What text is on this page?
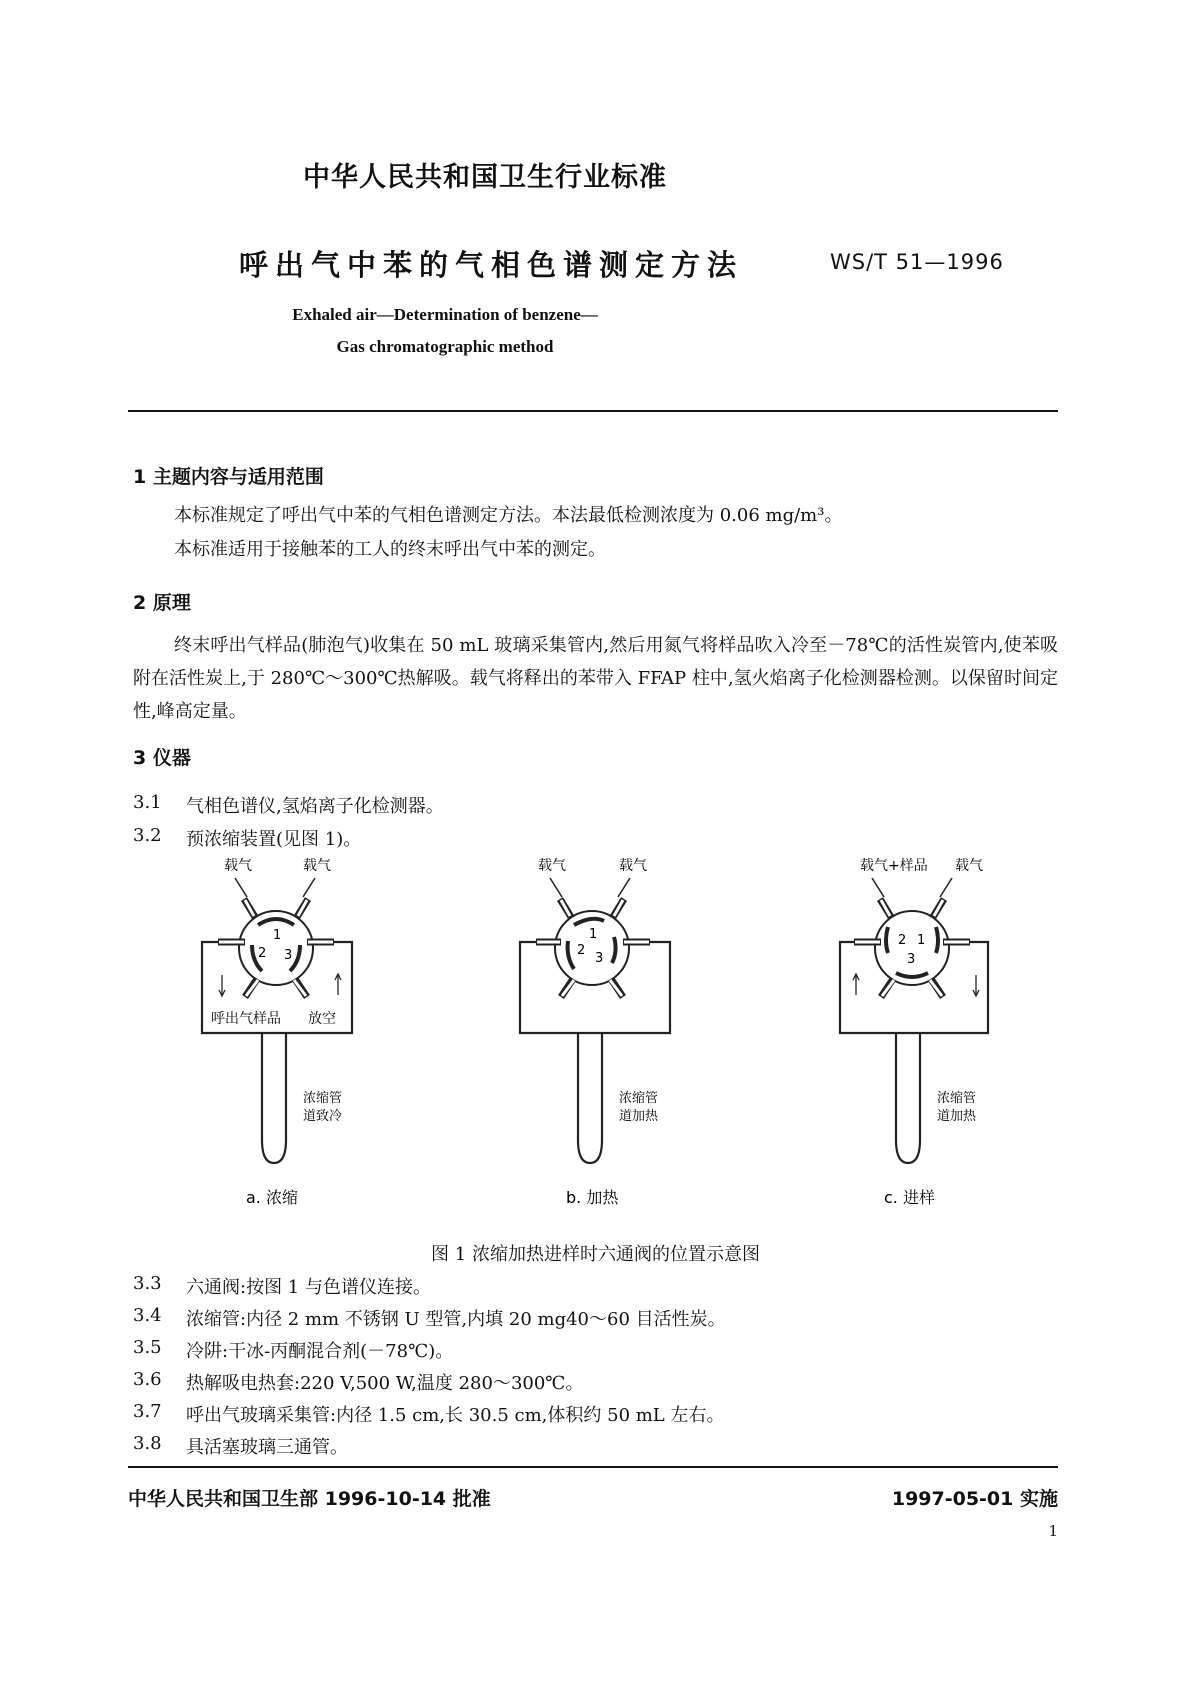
中华人民共和国卫生行业标准
呼出气中苯的气相色谱测定方法	WS/T 51—1996
Exhaled air—Determination of benzene—
Gas chromatographic method
1 主题内容与适用范围
本标准规定了呼出气中苯的气相色谱测定方法。本法最低检测浓度为 0.06 mg/m³。
本标准适用于接触苯的工人的终末呼出气中苯的测定。
2 原理
终末呼出气样品(肺泡气)收集在 50 mL 玻璃采集管内,然后用氮气将样品吹入冷至－78℃的活性炭管内,使苯吸附在活性炭上,于 280℃～300℃热解吸。载气将释出的苯带入 FFAP 柱中,氢火焰离子化检测器检测。以保留时间定性,峰高定量。
3 仪器
3.1 气相色谱仪,氢焰离子化检测器。
3.2 预浓缩装置(见图 1)。
载气	载气
1
2 3
呼出气样品 放空
浓缩管
道致冷
a. 浓缩
载气	载气
1
2
3
浓缩管
道加热
b. 加热
载气+样品 载气
2 1
3
浓缩管
道加热
c. 进样
图 1 浓缩加热进样时六通阀的位置示意图
3.3 六通阀:按图 1 与色谱仪连接。
3.4 浓缩管:内径 2 mm 不锈钢 U 型管,内填 20 mg40～60 目活性炭。
3.5 冷阱:干冰-丙酮混合剂(－78℃)。
3.6 热解吸电热套:220 V,500 W,温度 280～300℃。
3.7 呼出气玻璃采集管:内径 1.5 cm,长 30.5 cm,体积约 50 mL 左右。
3.8 具活塞玻璃三通管。
中华人民共和国卫生部 1996-10-14 批准	1997-05-01 实施
1
